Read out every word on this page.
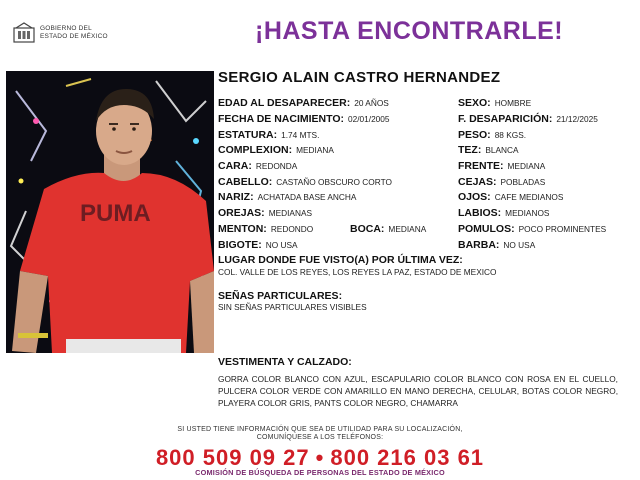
GOBIERNO DEL
ESTADO DE MÉXICO	¡HASTA ENCONTRARLE!
PUMA
SERGIO ALAIN CASTRO HERNANDEZ
EDAD AL DESAPARECER: 20 AÑOS
FECHA DE NACIMIENTO: 02/01/2005
ESTATURA: 1.74 MTS.
COMPLEXION: MEDIANA
CARA: REDONDA
CABELLO: CASTAÑO OBSCURO CORTO
NARIZ: ACHATADA BASE ANCHA
OREJAS: MEDIANAS
MENTON: REDONDO	BOCA: MEDIANA
BIGOTE: NO USA
SEXO: HOMBRE
F. DESAPARICIÓN: 21/12/2025
PESO: 88 KGS.
TEZ: BLANCA
FRENTE: MEDIANA
CEJAS: POBLADAS
OJOS: CAFE MEDIANOS
LABIOS: MEDIANOS
POMULOS: POCO PROMINENTES
BARBA: NO USA
LUGAR DONDE FUE VISTO(A) POR ÚLTIMA VEZ:
COL. VALLE DE LOS REYES, LOS REYES LA PAZ, ESTADO DE MEXICO
SEÑAS PARTICULARES:
SIN SEÑAS PARTICULARES VISIBLES
VESTIMENTA Y CALZADO:
GORRA COLOR BLANCO CON AZUL, ESCAPULARIO COLOR BLANCO CON ROSA EN EL CUELLO, PULCERA COLOR VERDE CON AMARILLO EN MANO DERECHA, CELULAR, BOTAS COLOR NEGRO, PLAYERA COLOR GRIS, PANTS COLOR NEGRO, CHAMARRA
SI USTED TIENE INFORMACIÓN QUE SEA DE UTILIDAD PARA SU LOCALIZACIÓN,
COMUNÍQUESE A LOS TELÉFONOS:
800 509 09 27 • 800 216 03 61
COMISIÓN DE BÚSQUEDA DE PERSONAS DEL ESTADO DE MÉXICO
